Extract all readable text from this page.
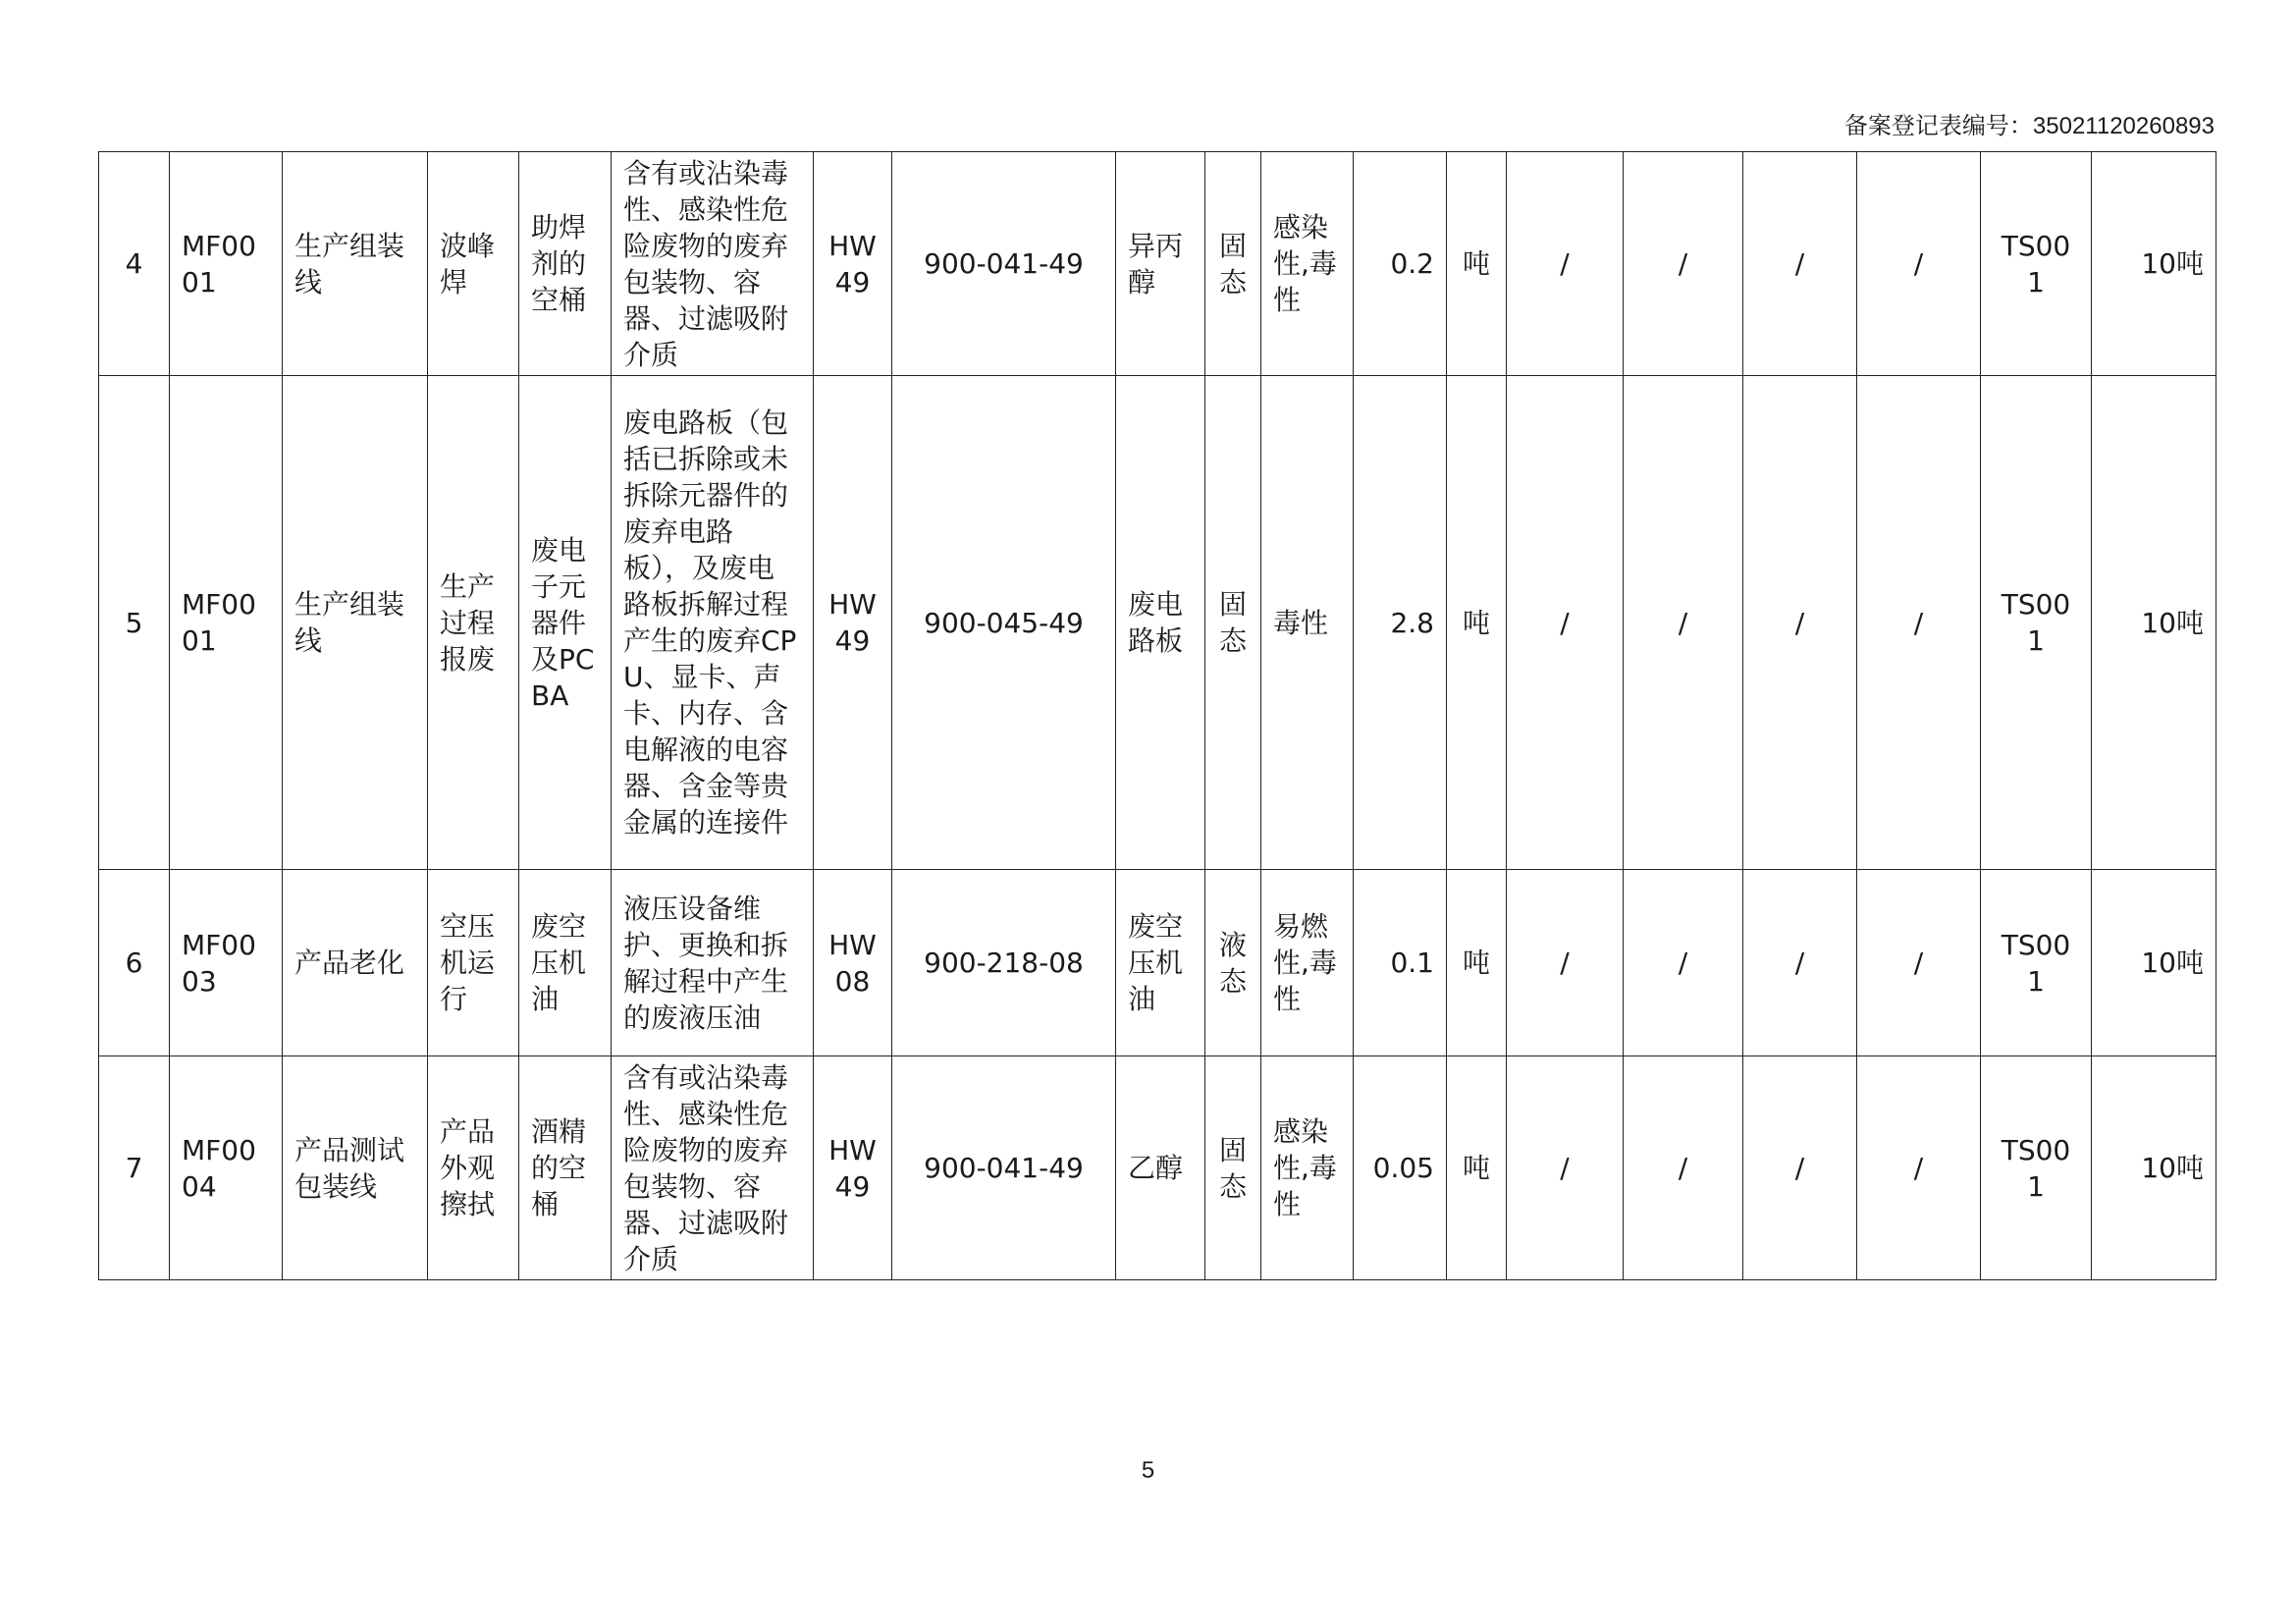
备案登记表编号：35021120260893
4	MF0001	生产组装线	波峰焊	助焊剂的空桶	含有或沾染毒性、感染性危险废物的废弃包装物、容器、过滤吸附介质	HW49	900-041-49	异丙醇	固态	感染性,毒性	0.2	吨	/	/	/	/	TS001	10吨
5	MF0001	生产组装线	生产过程报废	废电子元器件及PCBA	废电路板（包括已拆除或未拆除元器件的废弃电路板），及废电路板拆解过程产生的废弃CPU、显卡、声卡、内存、含电解液的电容器、含金等贵金属的连接件	HW49	900-045-49	废电路板	固态	毒性	2.8	吨	/	/	/	/	TS001	10吨
6	MF0003	产品老化	空压机运行	废空压机油	液压设备维护、更换和拆解过程中产生的废液压油	HW08	900-218-08	废空压机油	液态	易燃性,毒性	0.1	吨	/	/	/	/	TS001	10吨
7	MF0004	产品测试包装线	产品外观擦拭	酒精的空桶	含有或沾染毒性、感染性危险废物的废弃包装物、容器、过滤吸附介质	HW49	900-041-49	乙醇	固态	感染性,毒性	0.05	吨	/	/	/	/	TS001	10吨
5
